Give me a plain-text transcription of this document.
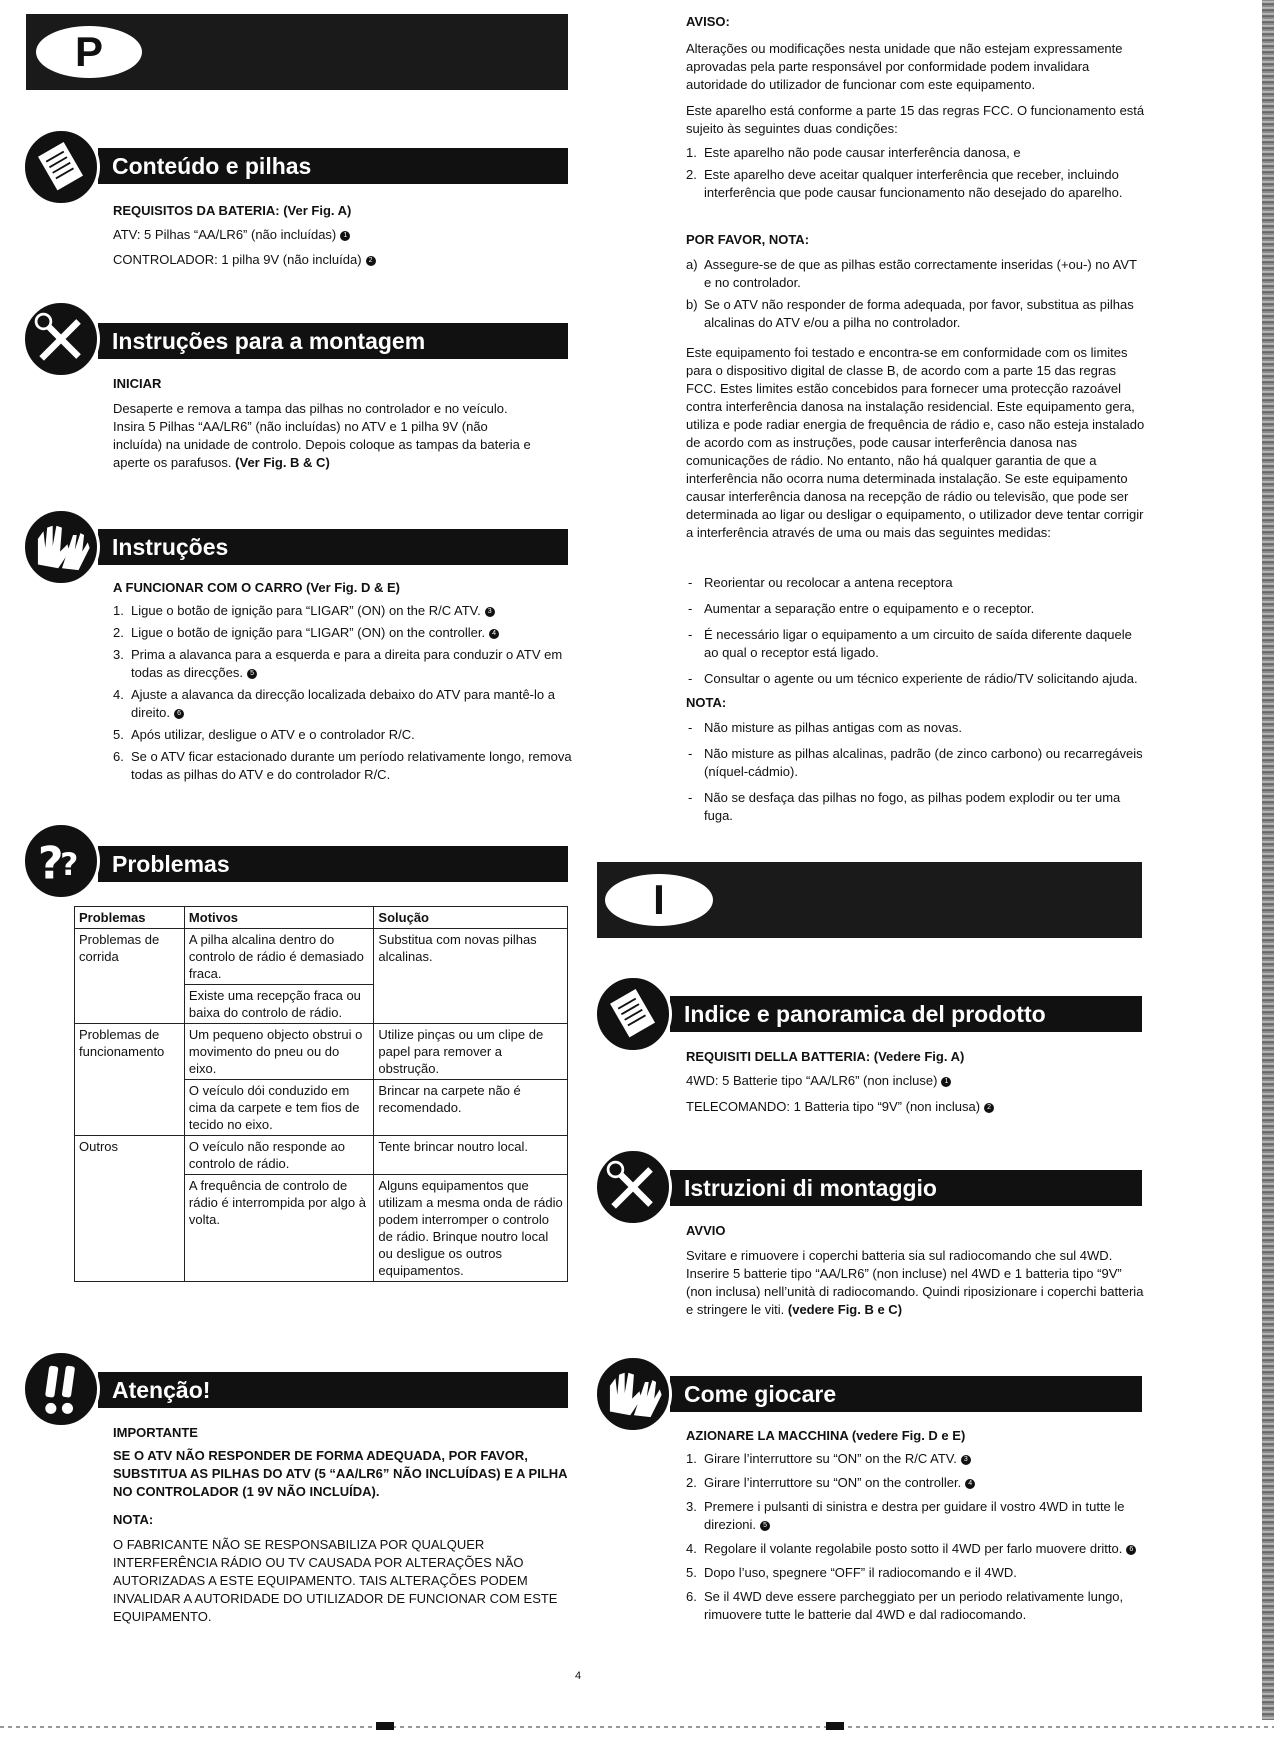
P
Conteúdo e pilhas
REQUISITOS DA BATERIA: (Ver Fig. A)
ATV: 5 Pilhas “AA/LR6” (não incluídas) 1
CONTROLADOR: 1 pilha 9V (não incluída) 2
Instruções para a montagem
INICIAR
Desaperte e remova a tampa das pilhas no controlador e no veículo. Insira 5 Pilhas “AA/LR6” (não incluídas) no ATV e 1 pilha 9V (não incluída) na unidade de controlo. Depois coloque as tampas da bateria e aperte os parafusos. (Ver Fig. B & C)
Instruções
A FUNCIONAR COM O CARRO (Ver Fig. D & E)
1. Ligue o botão de ignição para “LIGAR” (ON) on the R/C ATV. 3
2. Ligue o botão de ignição para “LIGAR” (ON) on the controller. 4
3. Prima a alavanca para a esquerda e para a direita para conduzir o ATV em todas as direcções. 5
4. Ajuste a alavanca da direcção localizada debaixo do ATV para mantê-lo a direito. 6
5. Após utilizar, desligue o ATV e o controlador R/C.
6. Se o ATV ficar estacionado durante um período relativamente longo, remova todas as pilhas do ATV e do controlador R/C.
Problemas
?
?
Problemas	Motivos	Solução
Problemas de corrida	A pilha alcalina dentro do controlo de rádio é demasiado fraca.	Substitua com novas pilhas alcalinas.
	Existe uma recepção fraca ou baixa do controlo de rádio.	
Problemas de funcionamento	Um pequeno objecto obstrui o movimento do pneu ou do eixo.	Utilize pinças ou um clipe de papel para remover a obstrução.
	O veículo dói conduzido em cima da carpete e tem fios de tecido no eixo.	Brincar na carpete não é recomendado.
Outros	O veículo não responde ao controlo de rádio.	Tente brincar noutro local.
	A frequência de controlo de rádio é interrompida por algo à volta.	Alguns equipamentos que utilizam a mesma onda de rádio podem interromper o controlo de rádio. Brinque noutro local ou desligue os outros equipamentos.
Atenção!
IMPORTANTE
SE O ATV NÃO RESPONDER DE FORMA ADEQUADA, POR FAVOR, SUBSTITUA AS PILHAS DO ATV (5 “AA/LR6” NÃO INCLUÍDAS) E A PILHA NO CONTROLADOR (1 9V NÃO INCLUÍDA).
NOTA:
O FABRICANTE NÃO SE RESPONSABILIZA POR QUALQUER INTERFERÊNCIA RÁDIO OU TV CAUSADA POR ALTERAÇÕES NÃO AUTORIZADAS A ESTE EQUIPAMENTO. TAIS ALTERAÇÕES PODEM INVALIDAR A AUTORIDADE DO UTILIZADOR DE FUNCIONAR COM ESTE EQUIPAMENTO.
AVISO:
Alterações ou modificações nesta unidade que não estejam expressamente aprovadas pela parte responsável por conformidade podem invalidara autoridade do utilizador de funcionar com este equipamento.
Este aparelho está conforme a parte 15 das regras FCC. O funcionamento está sujeito às seguintes duas condições:
1. Este aparelho não pode causar interferência danosa, e
2. Este aparelho deve aceitar qualquer interferência que receber, incluindo interferência que pode causar funcionamento não desejado do aparelho.
POR FAVOR, NOTA:
a) Assegure-se de que as pilhas estão correctamente inseridas (+ou-) no AVT e no controlador.
b) Se o ATV não responder de forma adequada, por favor, substitua as pilhas alcalinas do ATV e/ou a pilha no controlador.
Este equipamento foi testado e encontra-se em conformidade com os limites para o dispositivo digital de classe B, de acordo com a parte 15 das regras FCC. Estes limites estão concebidos para fornecer uma protecção razoável contra interferência danosa na instalação residencial. Este equipamento gera, utiliza e pode radiar energia de frequência de rádio e, caso não esteja instalado de acordo com as instruções, pode causar interferência danosa nas comunicações de rádio. No entanto, não há qualquer garantia de que a interferência não ocorra numa determinada instalação. Se este equipamento causar interferência danosa na recepção de rádio ou televisão, que pode ser determinada ao ligar ou desligar o equipamento, o utilizador deve tentar corrigir a interferência através de uma ou mais das seguintes medidas:
- Reorientar ou recolocar a antena receptora
- Aumentar a separação entre o equipamento e o receptor.
- É necessário ligar o equipamento a um circuito de saída diferente daquele ao qual o receptor está ligado.
- Consultar o agente ou um técnico experiente de rádio/TV solicitando ajuda.
NOTA:
- Não misture as pilhas antigas com as novas.
- Não misture as pilhas alcalinas, padrão (de zinco carbono) ou recarregáveis (níquel-cádmio).
- Não se desfaça das pilhas no fogo, as pilhas podem explodir ou ter uma fuga.
I
Indice e panoramica del prodotto
REQUISITI DELLA BATTERIA: (Vedere Fig. A)
4WD: 5 Batterie tipo “AA/LR6” (non incluse) 1
TELECOMANDO: 1 Batteria tipo “9V” (non inclusa) 2
Istruzioni di montaggio
AVVIO
Svitare e rimuovere i coperchi batteria sia sul radiocomando che sul 4WD. Inserire 5 batterie tipo “AA/LR6” (non incluse) nel 4WD e 1 batteria tipo “9V” (non inclusa) nell’unità di radiocomando. Quindi riposizionare i coperchi batteria e stringere le viti. (vedere Fig. B e C)
Come giocare
AZIONARE LA MACCHINA (vedere Fig. D e E)
1. Girare l’interruttore su “ON” on the R/C ATV. 3
2. Girare l’interruttore su “ON” on the controller. 4
3. Premere i pulsanti di sinistra e destra per guidare il vostro 4WD in tutte le direzioni. 5
4. Regolare il volante regolabile posto sotto il 4WD per farlo muovere dritto. 6
5. Dopo l’uso, spegnere “OFF” il radiocomando e il 4WD.
6. Se il 4WD deve essere parcheggiato per un periodo relativamente lungo, rimuovere tutte le batterie dal 4WD e dal radiocomando.
4
